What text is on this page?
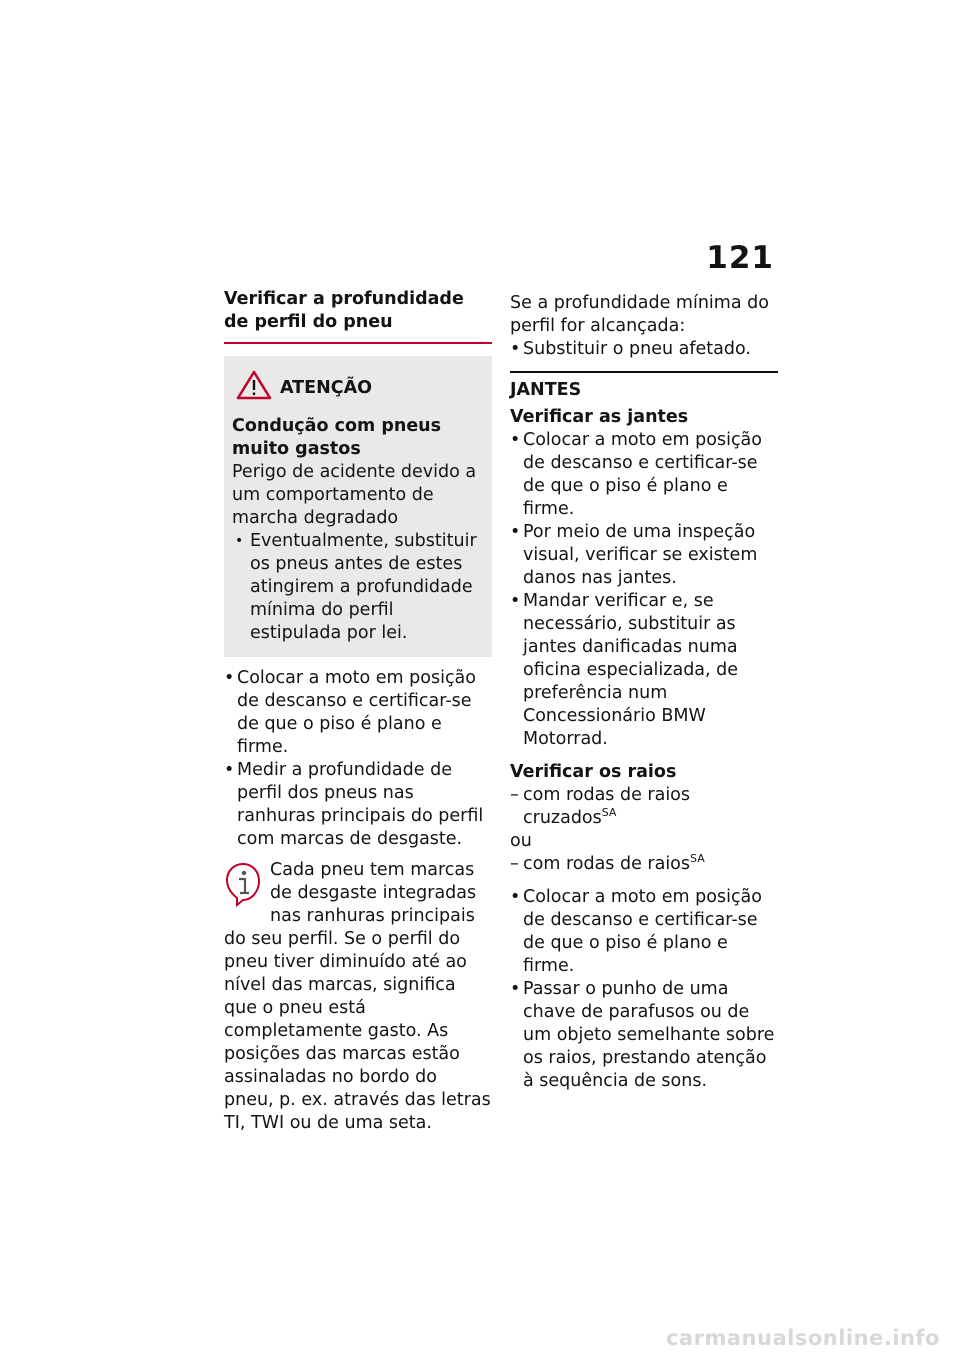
121
Verificar a profundidade de perfil do pneu
ATENÇÃO
Condução com pneus muito gastos
Perigo de acidente devido a um comportamento de marcha degradado
• Eventualmente, substituir os pneus antes de estes atingirem a profundidade mínima do perfil estipulada por lei.
• Colocar a moto em posição de descanso e certificar-se de que o piso é plano e firme.
• Medir a profundidade de perfil dos pneus nas ranhuras principais do perfil com marcas de desgaste.
Cada pneu tem marcas de desgaste integradas nas ranhuras principais do seu perfil. Se o perfil do pneu tiver diminuído até ao nível das marcas, significa que o pneu está completamente gasto. As posições das marcas estão assinaladas no bordo do pneu, p. ex. através das letras TI, TWI ou de uma seta.
Se a profundidade mínima do perfil for alcançada:
• Substituir o pneu afetado.
JANTES
Verificar as jantes
• Colocar a moto em posição de descanso e certificar-se de que o piso é plano e firme.
• Por meio de uma inspeção visual, verificar se existem danos nas jantes.
• Mandar verificar e, se necessário, substituir as jantes danificadas numa oficina especializada, de preferência num Concessionário BMW Motorrad.
Verificar os raios
– com rodas de raios cruzados$^{SA}$
ou
– com rodas de raios$^{SA}$
• Colocar a moto em posição de descanso e certificar-se de que o piso é plano e firme.
• Passar o punho de uma chave de parafusos ou de um objeto semelhante sobre os raios, prestando atenção à sequência de sons.
carmanualsonline.info
